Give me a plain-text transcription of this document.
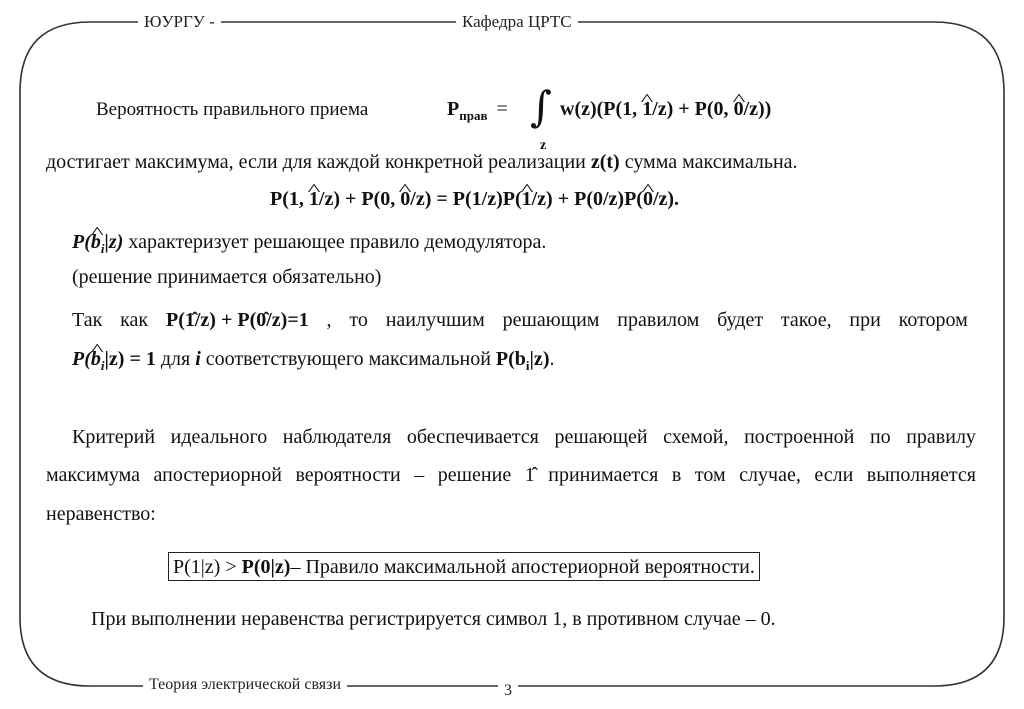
ЮУРГУ -	Кафедра ЦРТС
Теория электрической связи	3
Вероятность правильного приема	$P_{прав}$ = ∫
z
w(z)(P(1, ^ 1/z) + P(0, ^ 0/z))
достигает максимума, если для каждой конкретной реализации z(t) сумма максимальна.
P(1, ^ 1/z) + P(0, ^ 0/z) = P(1/z)P(^ 1/z) + P(0/z)P(^ 0/z).
P(^ $b_i|z$) характеризует решающее правило демодулятора.
(решение принимается обязательно)
Так как P(1̂/z) + P(0̂/z)=1 , то наилучшим решающим правилом будет такое, при котором
P(^ $b_i|z) = 1$ для i соответствующего максимальной $P(b_i|z)$.
Критерий идеального наблюдателя обеспечивается решающей схемой, построенной по правилу
максимума апостериорной вероятности – решение 1̂ принимается в том случае, если выполняется
неравенство:
P(1|z) > P(0|z)– Правило максимальной апостериорной вероятности.
При выполнении неравенства регистрируется символ 1, в противном случае – 0.
